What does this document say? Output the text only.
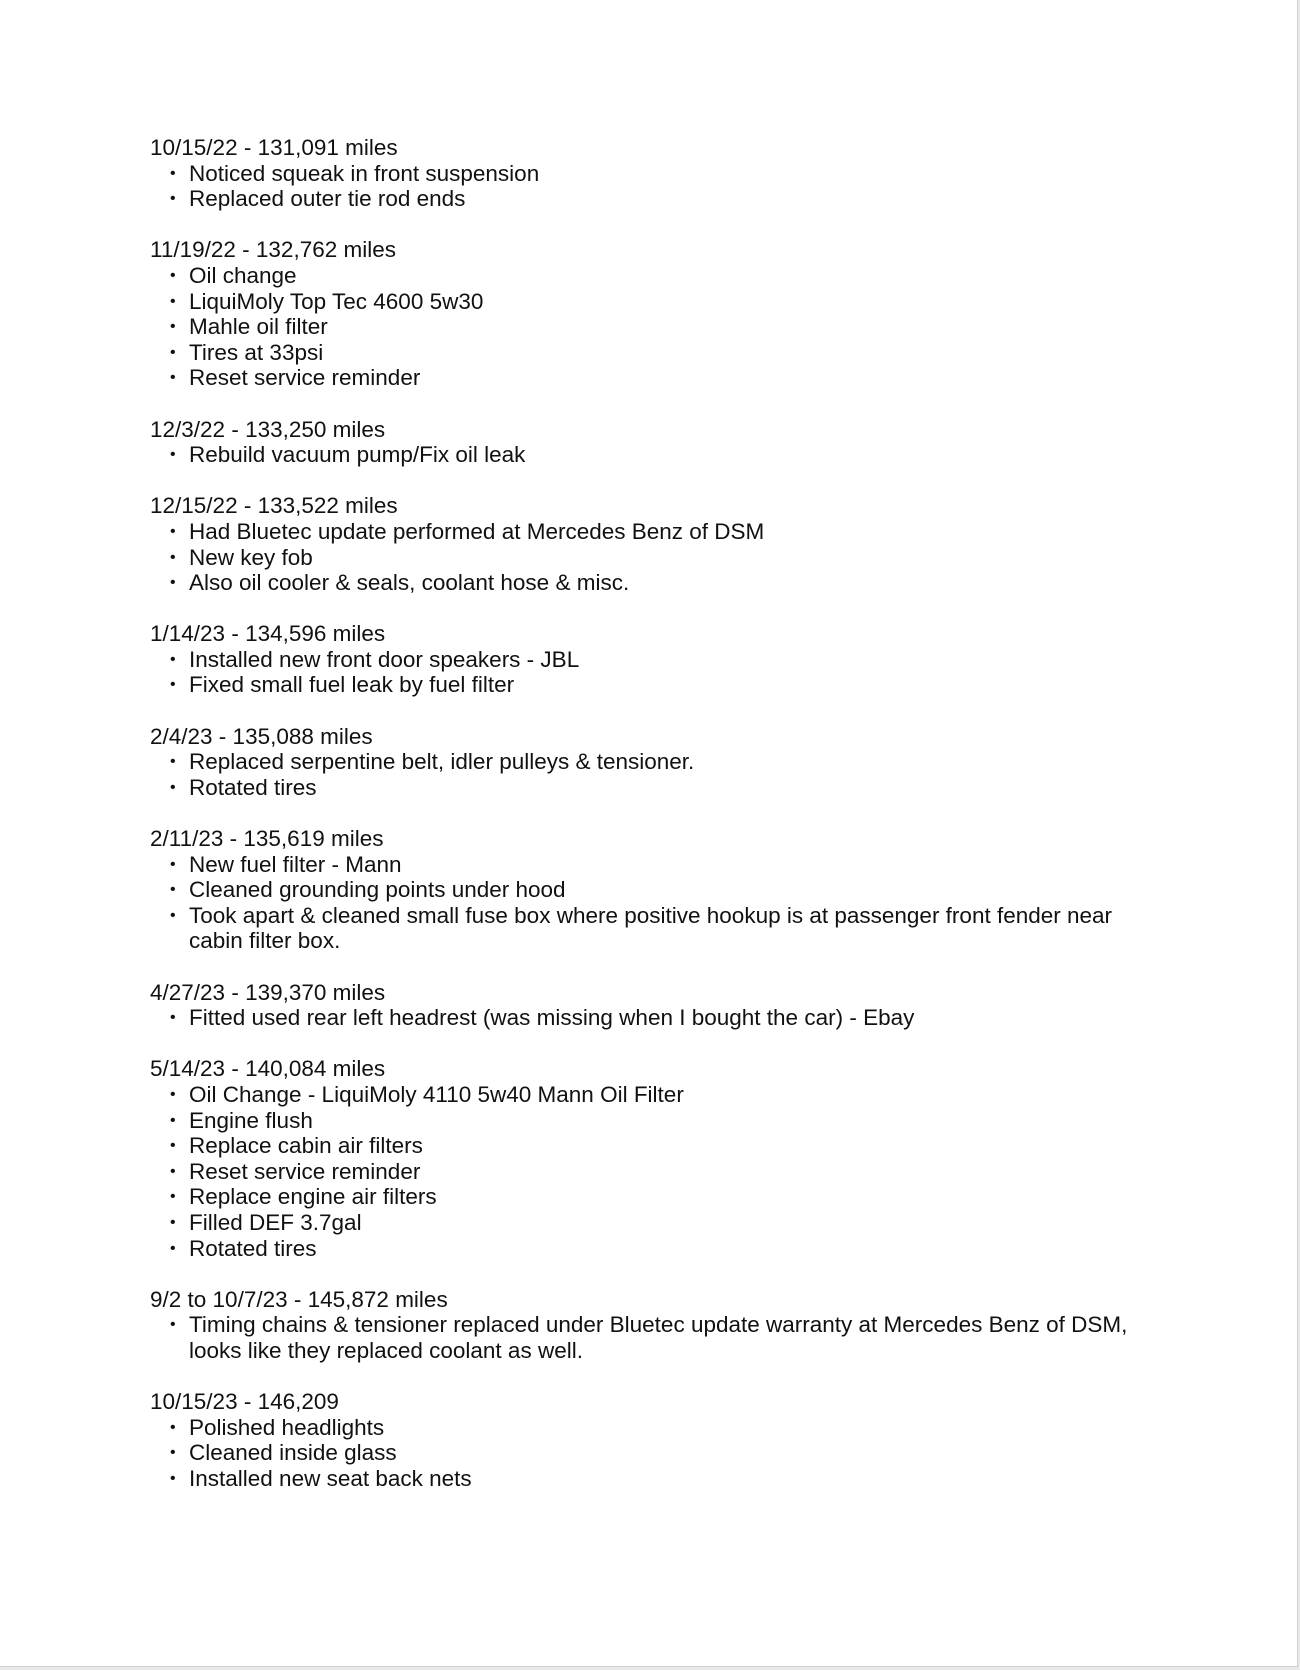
10/15/22 - 131,091 miles
• Noticed squeak in front suspension
• Replaced outer tie rod ends
11/19/22 - 132,762 miles
• Oil change
• LiquiMoly Top Tec 4600 5w30
• Mahle oil filter
• Tires at 33psi
• Reset service reminder
12/3/22 - 133,250 miles
• Rebuild vacuum pump/Fix oil leak
12/15/22 - 133,522 miles
• Had Bluetec update performed at Mercedes Benz of DSM
• New key fob
• Also oil cooler & seals, coolant hose & misc.
1/14/23 - 134,596 miles
• Installed new front door speakers - JBL
• Fixed small fuel leak by fuel filter
2/4/23 - 135,088 miles
• Replaced serpentine belt, idler pulleys & tensioner.
• Rotated tires
2/11/23 - 135,619 miles
• New fuel filter - Mann
• Cleaned grounding points under hood
• Took apart & cleaned small fuse box where positive hookup is at passenger front fender near cabin filter box.
4/27/23 - 139,370 miles
• Fitted used rear left headrest (was missing when I bought the car) - Ebay
5/14/23 - 140,084 miles
• Oil Change - LiquiMoly 4110 5w40 Mann Oil Filter
• Engine flush
• Replace cabin air filters
• Reset service reminder
• Replace engine air filters
• Filled DEF 3.7gal
• Rotated tires
9/2 to 10/7/23 - 145,872 miles
• Timing chains & tensioner replaced under Bluetec update warranty at Mercedes Benz of DSM, looks like they replaced coolant as well.
10/15/23 - 146,209
• Polished headlights
• Cleaned inside glass
• Installed new seat back nets
